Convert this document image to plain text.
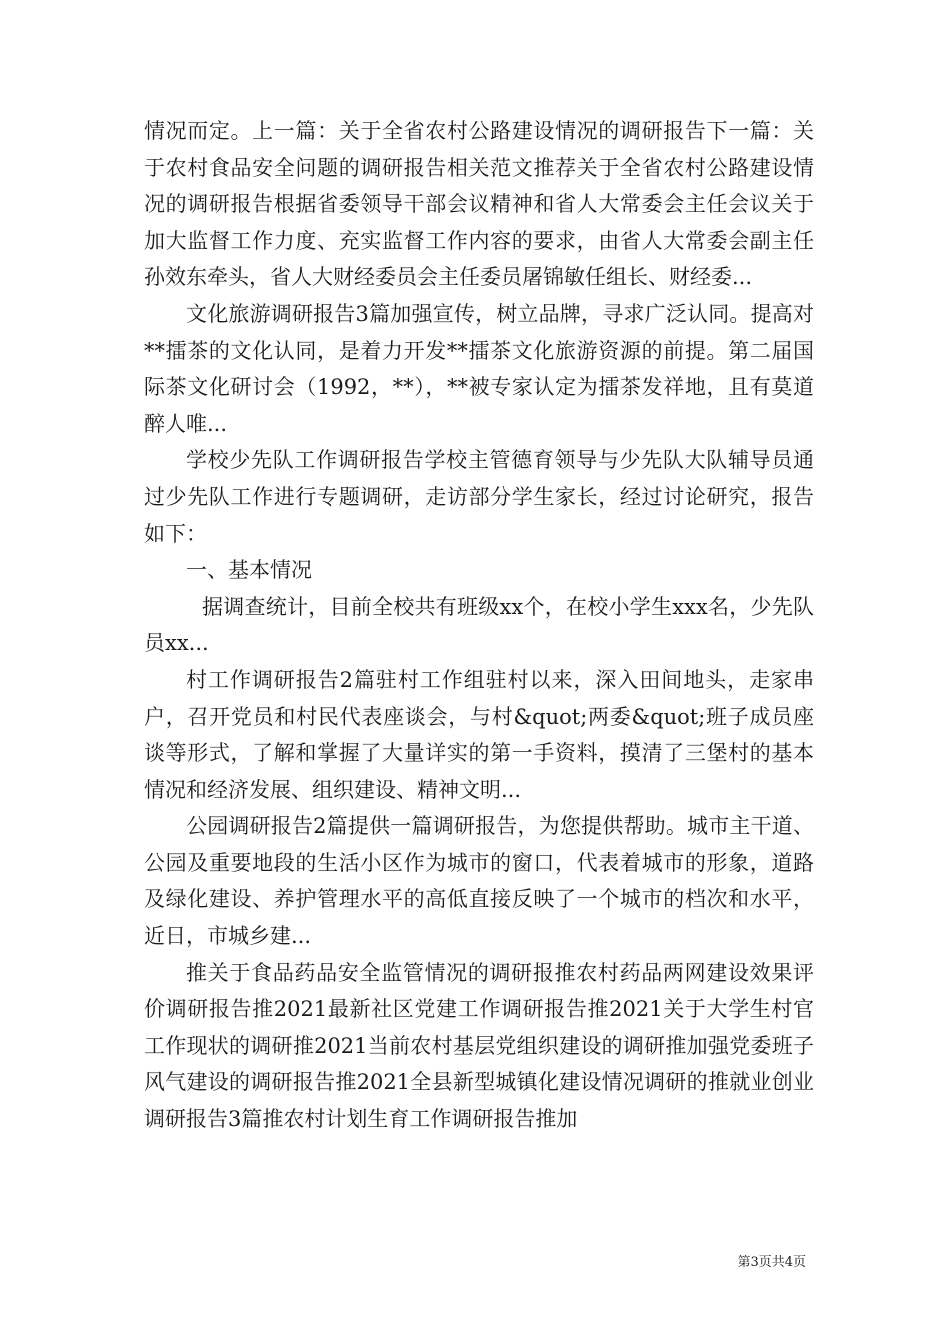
情况而定。上一篇：关于全省农村公路建设情况的调研报告下一篇：关于农村食品安全问题的调研报告相关范文推荐关于全省农村公路建设情况的调研报告根据省委领导干部会议精神和省人大常委会主任会议关于加大监督工作力度、充实监督工作内容的要求，由省人大常委会副主任孙效东牵头，省人大财经委员会主任委员屠锦敏任组长、财经委...

文化旅游调研报告3篇加强宣传，树立品牌，寻求广泛认同。提高对**擂茶的文化认同，是着力开发**擂茶文化旅游资源的前提。第二届国际茶文化研讨会（1992，**），**被专家认定为擂茶发祥地，且有莫道醉人唯...

学校少先队工作调研报告学校主管德育领导与少先队大队辅导员通过少先队工作进行专题调研，走访部分学生家长，经过讨论研究，报告如下：

一、基本情况

据调查统计，目前全校共有班级xx个，在校小学生xxx名，少先队员xx...

村工作调研报告2篇驻村工作组驻村以来，深入田间地头，走家串户，召开党员和村民代表座谈会，与村&quot;两委&quot;班子成员座谈等形式，了解和掌握了大量详实的第一手资料，摸清了三堡村的基本情况和经济发展、组织建设、精神文明...

公园调研报告2篇提供一篇调研报告，为您提供帮助。城市主干道、公园及重要地段的生活小区作为城市的窗口，代表着城市的形象，道路及绿化建设、养护管理水平的高低直接反映了一个城市的档次和水平，近日，市城乡建...

推关于食品药品安全监管情况的调研报推农村药品两网建设效果评价调研报告推2021最新社区党建工作调研报告推2021关于大学生村官工作现状的调研推2021当前农村基层党组织建设的调研推加强党委班子风气建设的调研报告推2021全县新型城镇化建设情况调研的推就业创业调研报告3篇推农村计划生育工作调研报告推加

第3页共4页
